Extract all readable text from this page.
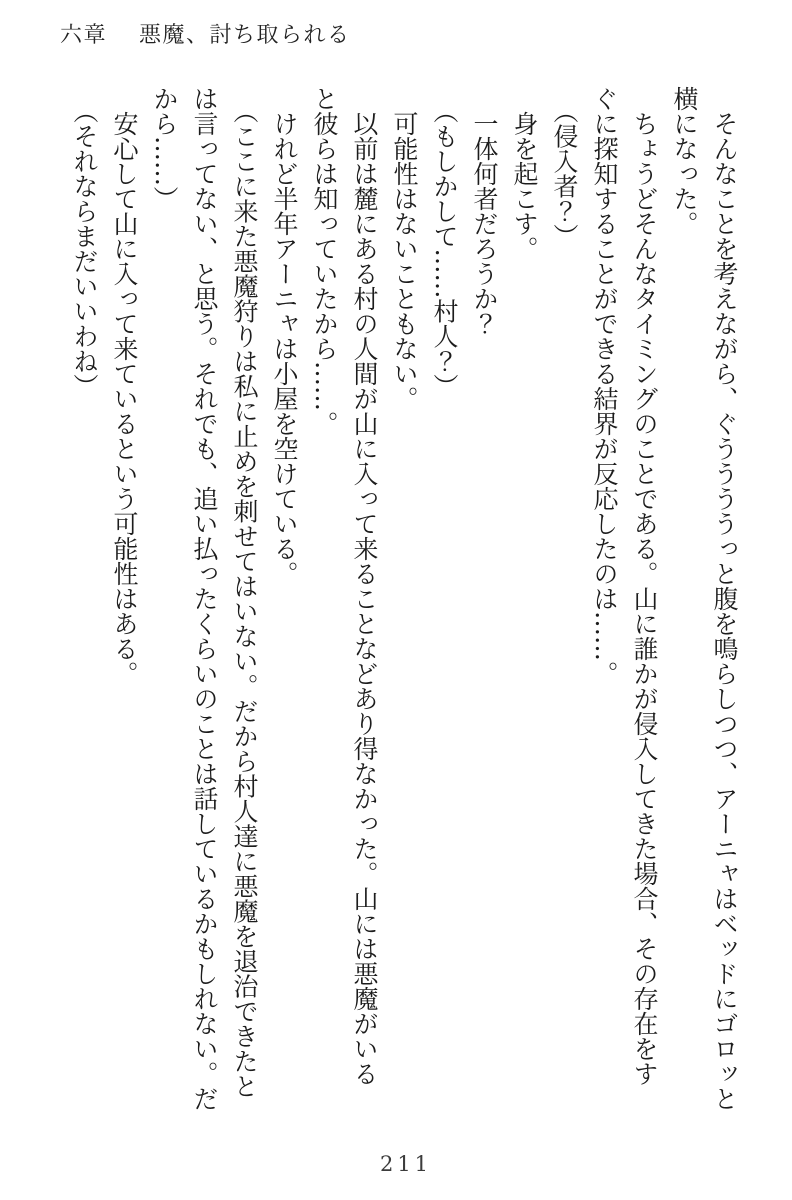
六章 悪魔、討ち取られる

　そんなことを考えながら、ぐううううっと腹を鳴らしつつ、アーニャはベッドにゴロッと

横になった。

　ちょうどそんなタイミングのことである。山に誰かが侵入してきた場合、その存在をす

ぐに探知することができる結界が反応したのは……。

　（侵入者？）

　身を起こす。

　一体何者だろうか？

　（もしかして……村人？）

　可能性はないこともない。

　以前は麓にある村の人間が山に入って来ることなどあり得なかった。山には悪魔がいる

と彼らは知っていたから……。

　けれど半年アーニャは小屋を空けている。

　（ここに来た悪魔狩りは私に止めを刺せてはいない。だから村人達に悪魔を退治できたと

は言ってない、と思う。それでも、追い払ったくらいのことは話しているかもしれない。だ

から……）

　安心して山に入って来ているという可能性はある。

　（それならまだいいわね）

211
